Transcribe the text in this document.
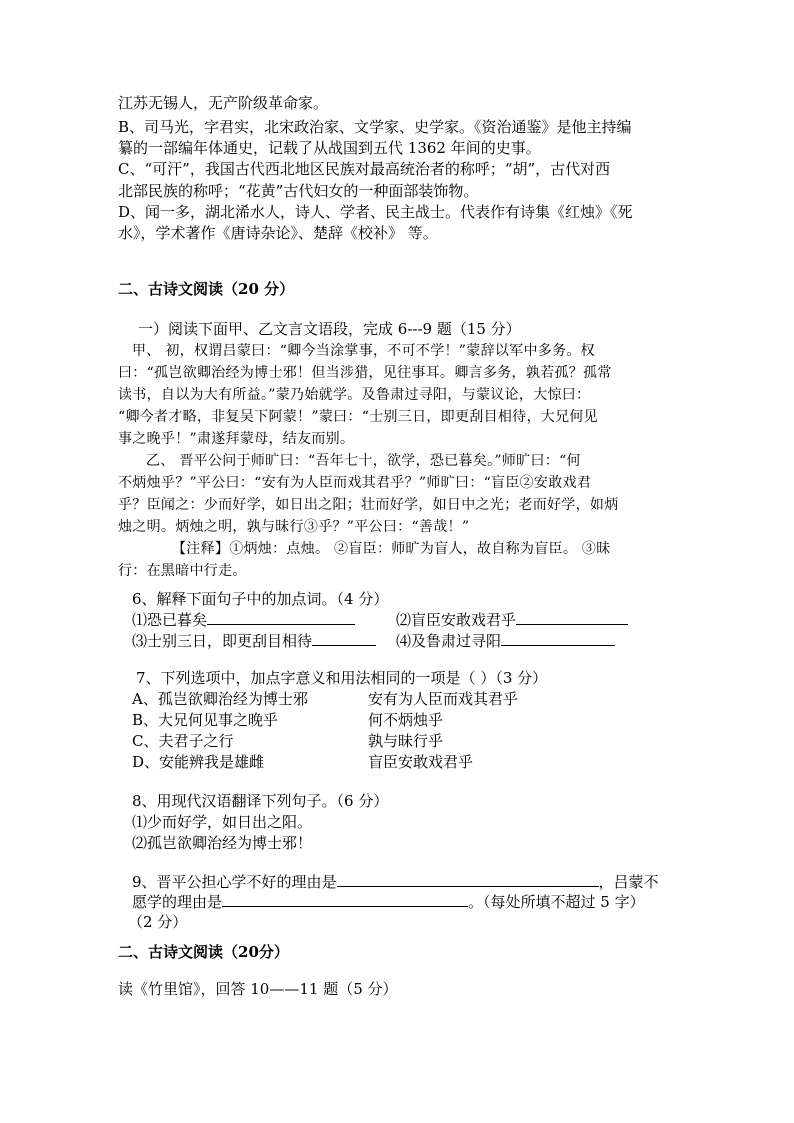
江苏无锡人，无产阶级革命家。
B、司马光，字君实，北宋政治家、文学家、史学家。《资治通鉴》是他主持编
纂的一部编年体通史，记载了从战国到五代 1362 年间的史事。
C、“可汗”，我国古代西北地区民族对最高统治者的称呼；“胡”，古代对西
北部民族的称呼；“花黄”古代妇女的一种面部装饰物。
D、闻一多，湖北浠水人，诗人、学者、民主战士。代表作有诗集《红烛》《死
水》，学术著作《唐诗杂论》、楚辞《校补》 等。
二、古诗文阅读（20 分）
一）阅读下面甲、乙文言文语段，完成 6---9 题（15 分）
甲、 初，权谓吕蒙曰：“卿今当涂掌事，不可不学！”蒙辞以军中多务。权
曰：“孤岂欲卿治经为博士邪！但当涉猎，见往事耳。卿言多务，孰若孤？孤常
读书，自以为大有所益。”蒙乃始就学。及鲁肃过寻阳，与蒙议论，大惊曰：
“卿今者才略，非复吴下阿蒙！”蒙曰：“士别三日，即更刮目相待，大兄何见
事之晚乎！”肃遂拜蒙母，结友而别。
乙、 晋平公问于师旷曰：“吾年七十，欲学，恐已暮矣。”师旷曰：“何
不炳烛乎？”平公曰：“安有为人臣而戏其君乎？”师旷曰：“盲臣②安敢戏君
乎？臣闻之：少而好学，如日出之阳；壮而好学，如日中之光；老而好学，如炳
烛之明。炳烛之明，孰与昧行③乎？”平公曰：“善哉！”
【注释】①炳烛：点烛。 ②盲臣：师旷为盲人，故自称为盲臣。 ③昧
行：在黑暗中行走。
6、解释下面句子中的加点词。（4 分）
⑴恐已暮矣	⑵盲臣安敢戏君乎
⑶士别三日，即更刮目相待	⑷及鲁肃过寻阳
7、下列选项中，加点字意义和用法相同的一项是（ ）（3 分）
A、孤岂欲卿治经为博士邪	安有为人臣而戏其君乎
B、大兄何见事之晚乎	何不炳烛乎
C、夫君子之行	孰与昧行乎
D、安能辨我是雄雌	盲臣安敢戏君乎
8、用现代汉语翻译下列句子。（6 分）
⑴少而好学，如日出之阳。
⑵孤岂欲卿治经为博士邪！
9、晋平公担心学不好的理由是	，吕蒙不
愿学的理由是	。（每处所填不超过 5 字）
（2 分）
二、古诗文阅读（20分）
读《竹里馆》，回答 10——11 题（5 分）
